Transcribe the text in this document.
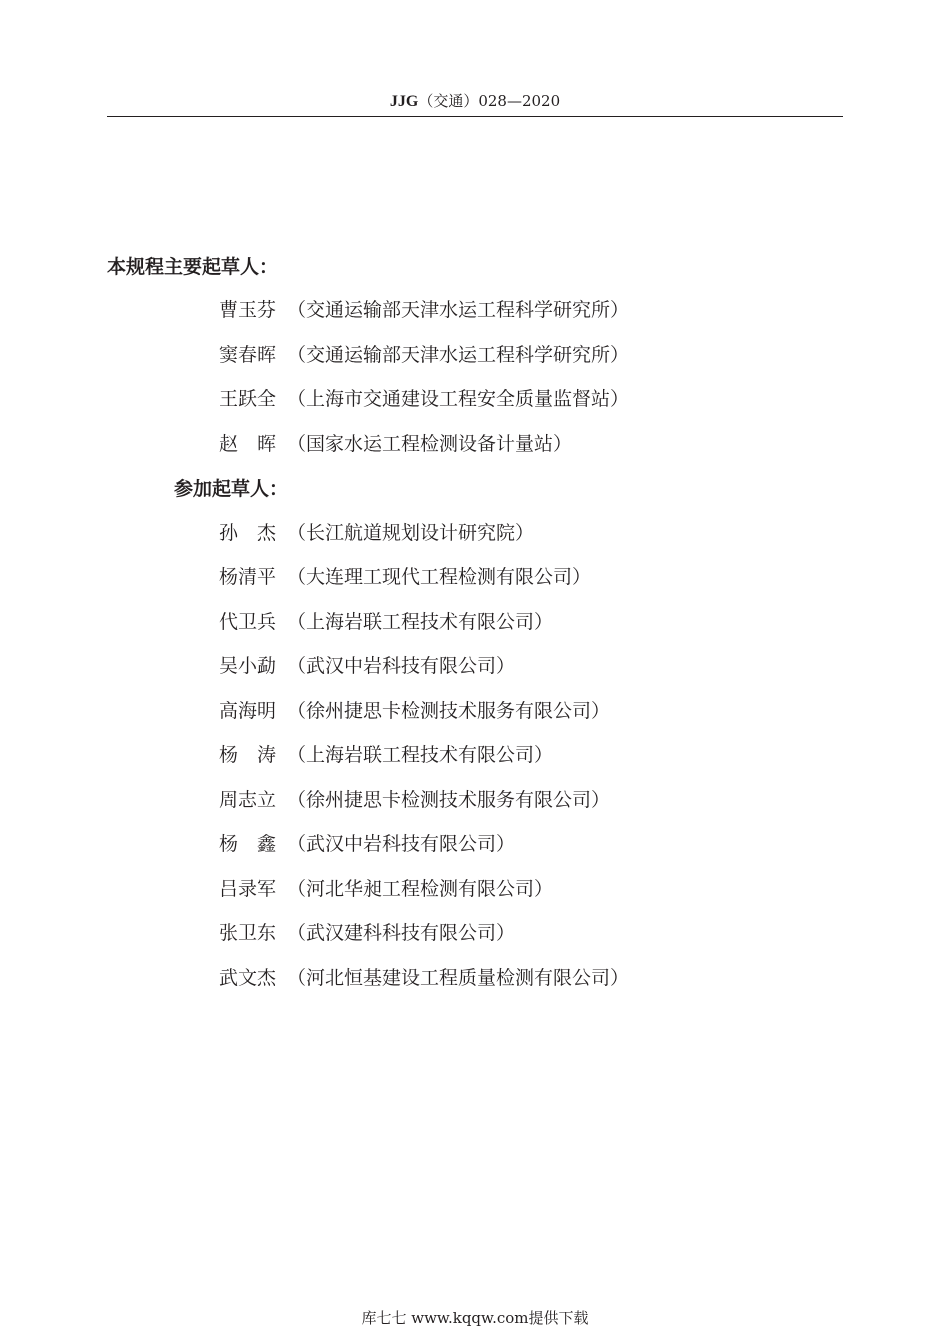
JJG（交通）028—2020
本规程主要起草人：
曹玉芬 （交通运输部天津水运工程科学研究所）
窦春晖 （交通运输部天津水运工程科学研究所）
王跃全 （上海市交通建设工程安全质量监督站）
赵　晖 （国家水运工程检测设备计量站）
参加起草人：
孙　杰 （长江航道规划设计研究院）
杨清平 （大连理工现代工程检测有限公司）
代卫兵 （上海岩联工程技术有限公司）
吴小勐 （武汉中岩科技有限公司）
高海明 （徐州捷思卡检测技术服务有限公司）
杨　涛 （上海岩联工程技术有限公司）
周志立 （徐州捷思卡检测技术服务有限公司）
杨　鑫 （武汉中岩科技有限公司）
吕录军 （河北华昶工程检测有限公司）
张卫东 （武汉建科科技有限公司）
武文杰 （河北恒基建设工程质量检测有限公司）
库七七 www.kqqw.com提供下载
